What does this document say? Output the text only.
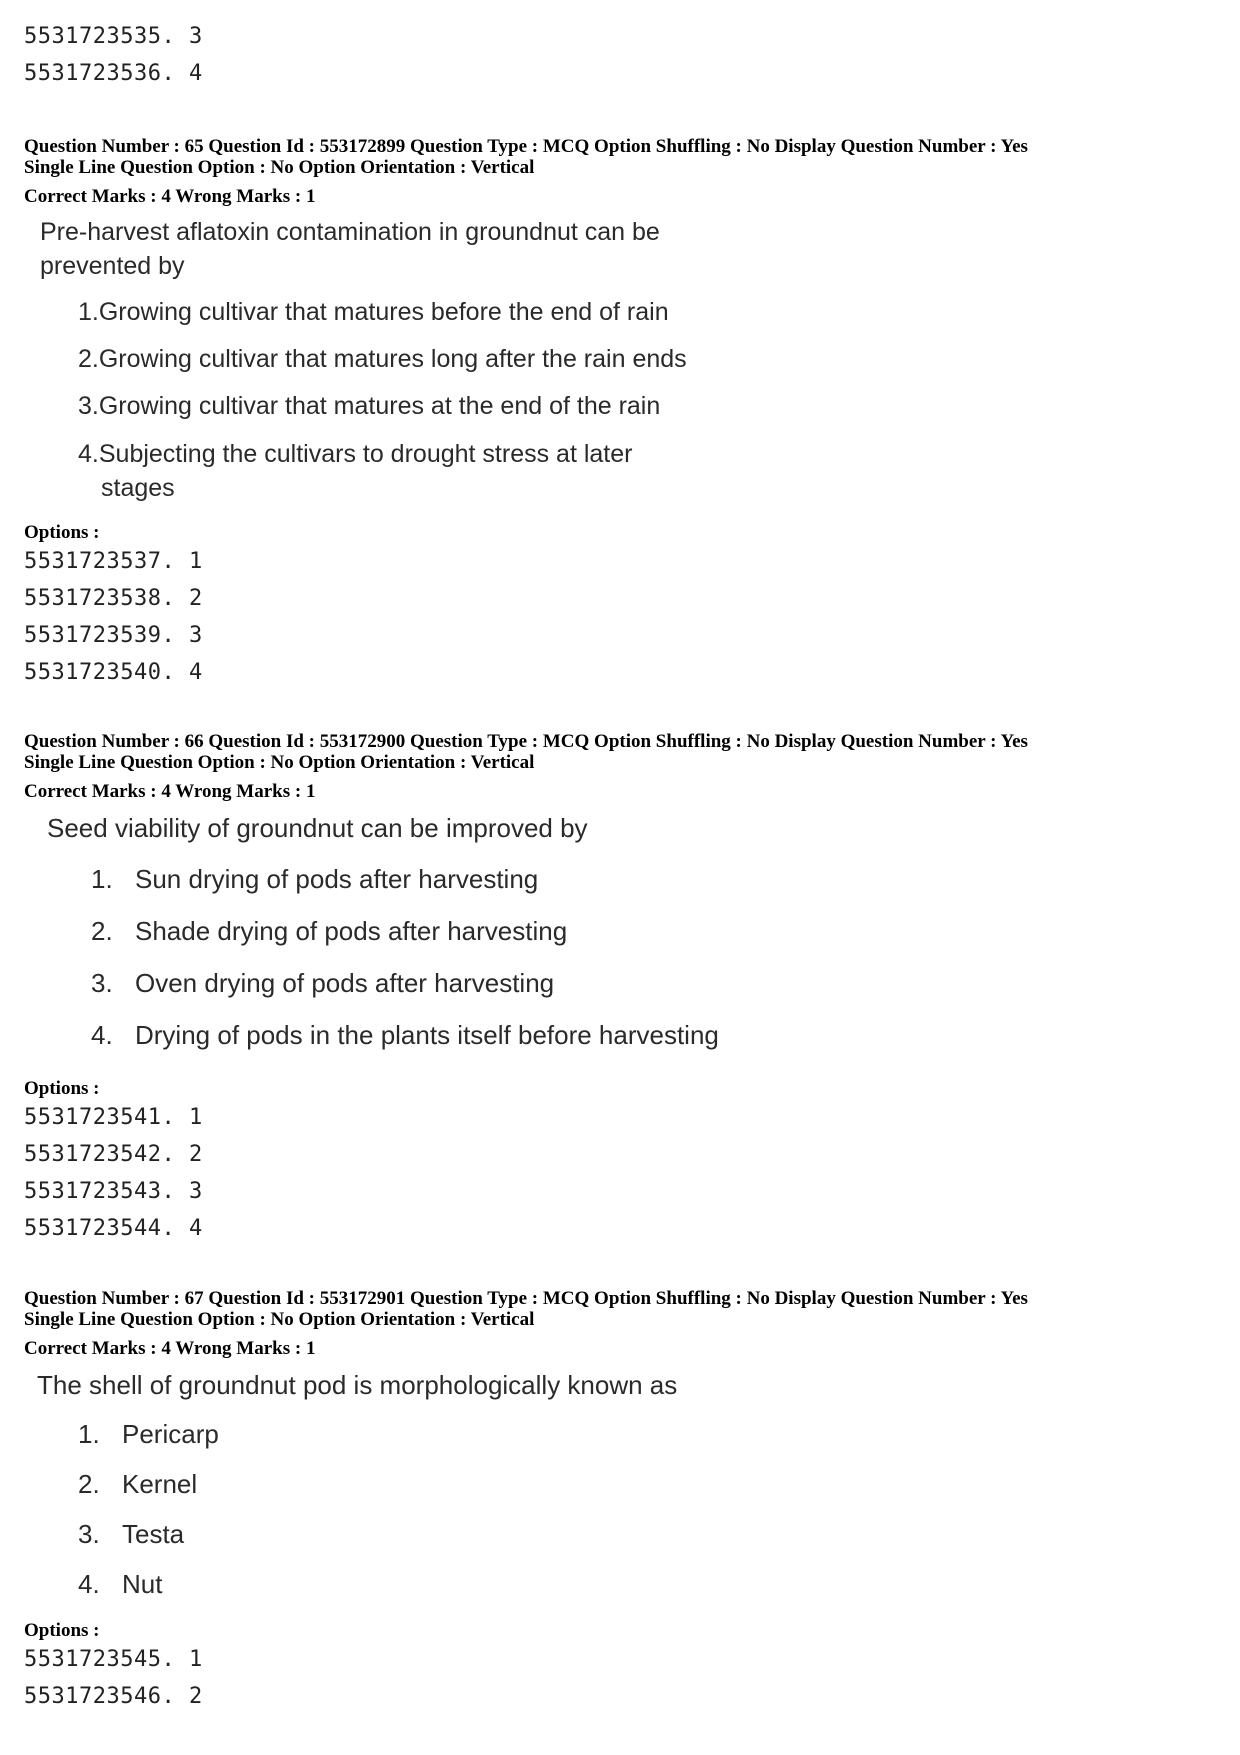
5531723535. 3
5531723536. 4
Question Number : 65 Question Id : 553172899 Question Type : MCQ Option Shuffling : No Display Question Number : Yes
Single Line Question Option : No Option Orientation : Vertical
Correct Marks : 4 Wrong Marks : 1
Pre-harvest aflatoxin contamination in groundnut can be
prevented by
1.Growing cultivar that matures before the end of rain
2.Growing cultivar that matures long after the rain ends
3.Growing cultivar that matures at the end of the rain
4.Subjecting the cultivars to drought stress at later
stages
Options :
5531723537. 1
5531723538. 2
5531723539. 3
5531723540. 4
Question Number : 66 Question Id : 553172900 Question Type : MCQ Option Shuffling : No Display Question Number : Yes
Single Line Question Option : No Option Orientation : Vertical
Correct Marks : 4 Wrong Marks : 1
Seed viability of groundnut can be improved by
1. Sun drying of pods after harvesting
2. Shade drying of pods after harvesting
3. Oven drying of pods after harvesting
4. Drying of pods in the plants itself before harvesting
Options :
5531723541. 1
5531723542. 2
5531723543. 3
5531723544. 4
Question Number : 67 Question Id : 553172901 Question Type : MCQ Option Shuffling : No Display Question Number : Yes
Single Line Question Option : No Option Orientation : Vertical
Correct Marks : 4 Wrong Marks : 1
The shell of groundnut pod is morphologically known as
1. Pericarp
2. Kernel
3. Testa
4. Nut
Options :
5531723545. 1
5531723546. 2
